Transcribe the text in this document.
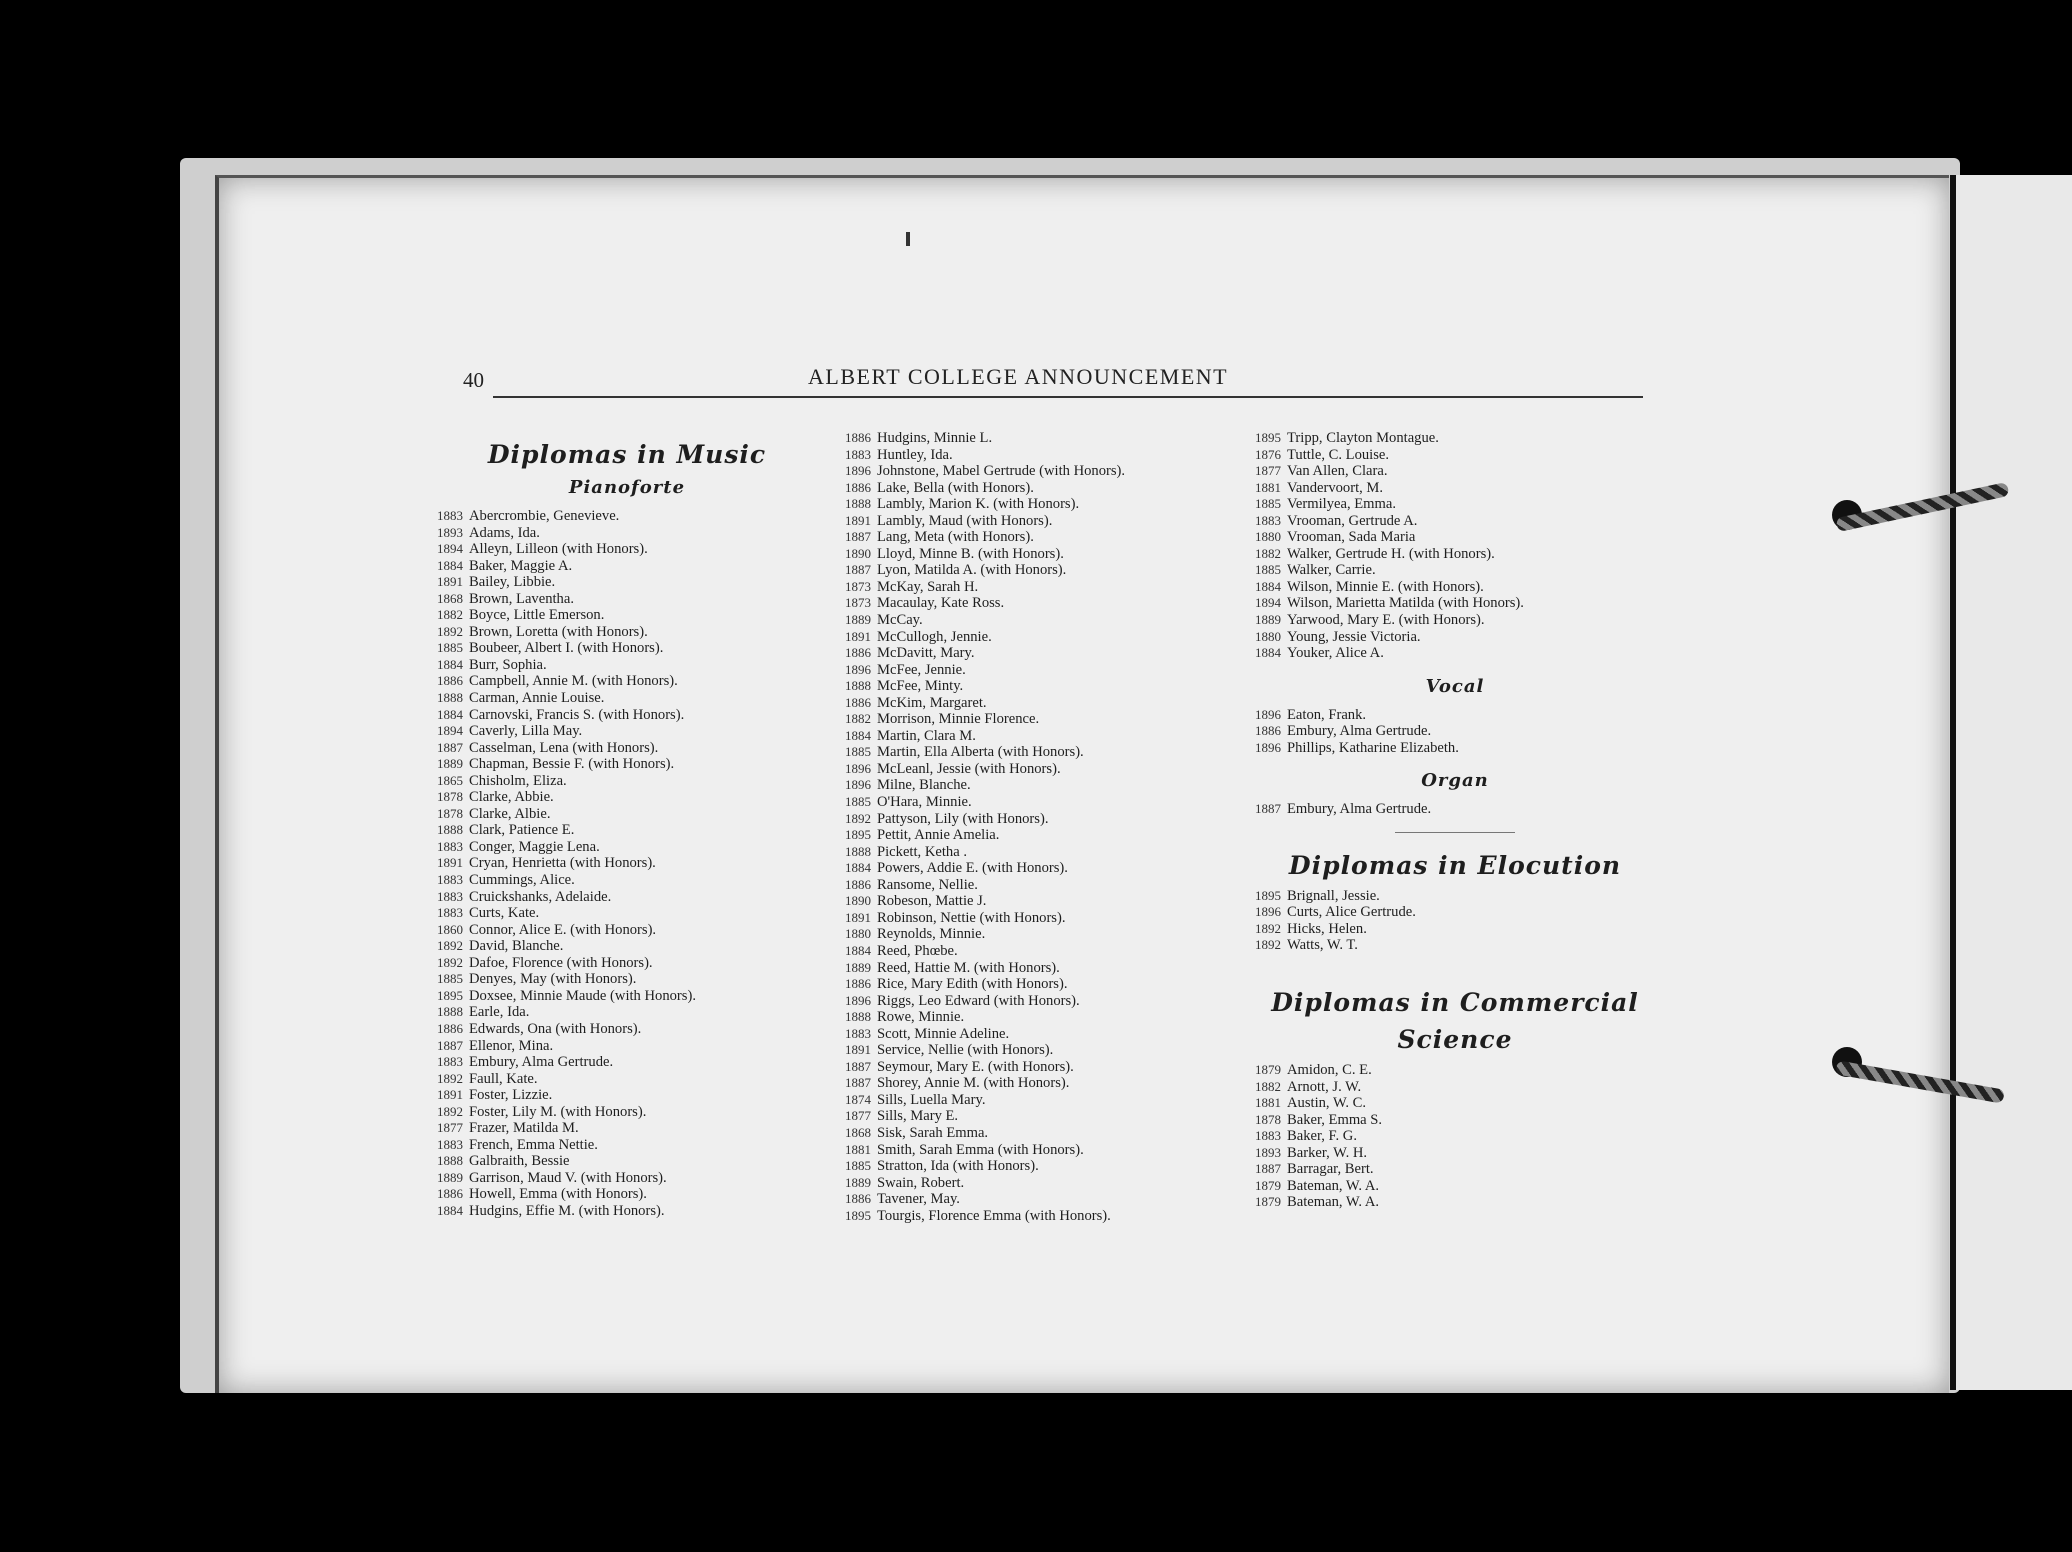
40	ALBERT COLLEGE ANNOUNCEMENT
Diplomas in Music
Pianoforte
1883 Abercrombie, Genevieve.
1893 Adams, Ida.
1894 Alleyn, Lilleon (with Honors).
1884 Baker, Maggie A.
1891 Bailey, Libbie.
1868 Brown, Laventha.
1882 Boyce, Little Emerson.
1892 Brown, Loretta (with Honors).
1885 Boubeer, Albert I. (with Honors).
1884 Burr, Sophia.
1886 Campbell, Annie M. (with Honors).
1888 Carman, Annie Louise.
1884 Carnovski, Francis S. (with Honors).
1894 Caverly, Lilla May.
1887 Casselman, Lena (with Honors).
1889 Chapman, Bessie F. (with Honors).
1865 Chisholm, Eliza.
1878 Clarke, Abbie.
1878 Clarke, Albie.
1888 Clark, Patience E.
1883 Conger, Maggie Lena.
1891 Cryan, Henrietta (with Honors).
1883 Cummings, Alice.
1883 Cruickshanks, Adelaide.
1883 Curts, Kate.
1860 Connor, Alice E. (with Honors).
1892 David, Blanche.
1892 Dafoe, Florence (with Honors).
1885 Denyes, May (with Honors).
1895 Doxsee, Minnie Maude (with Honors).
1888 Earle, Ida.
1886 Edwards, Ona (with Honors).
1887 Ellenor, Mina.
1883 Embury, Alma Gertrude.
1892 Faull, Kate.
1891 Foster, Lizzie.
1892 Foster, Lily M. (with Honors).
1877 Frazer, Matilda M.
1883 French, Emma Nettie.
1888 Galbraith, Bessie
1889 Garrison, Maud V. (with Honors).
1886 Howell, Emma (with Honors).
1884 Hudgins, Effie M. (with Honors).
1886 Hudgins, Minnie L.
1883 Huntley, Ida.
1896 Johnstone, Mabel Gertrude (with Honors).
1886 Lake, Bella (with Honors).
1888 Lambly, Marion K. (with Honors).
1891 Lambly, Maud (with Honors).
1887 Lang, Meta (with Honors).
1890 Lloyd, Minne B. (with Honors).
1887 Lyon, Matilda A. (with Honors).
1873 McKay, Sarah H.
1873 Macaulay, Kate Ross.
1889 McCay.
1891 McCullogh, Jennie.
1886 McDavitt, Mary.
1896 McFee, Jennie.
1888 McFee, Minty.
1886 McKim, Margaret.
1882 Morrison, Minnie Florence.
1884 Martin, Clara M.
1885 Martin, Ella Alberta (with Honors).
1896 McLeanl, Jessie (with Honors).
1896 Milne, Blanche.
1885 O'Hara, Minnie.
1892 Pattyson, Lily (with Honors).
1895 Pettit, Annie Amelia.
1888 Pickett, Ketha .
1884 Powers, Addie E. (with Honors).
1886 Ransome, Nellie.
1890 Robeson, Mattie J.
1891 Robinson, Nettie (with Honors).
1880 Reynolds, Minnie.
1884 Reed, Phœbe.
1889 Reed, Hattie M. (with Honors).
1886 Rice, Mary Edith (with Honors).
1896 Riggs, Leo Edward (with Honors).
1888 Rowe, Minnie.
1883 Scott, Minnie Adeline.
1891 Service, Nellie (with Honors).
1887 Seymour, Mary E. (with Honors).
1887 Shorey, Annie M. (with Honors).
1874 Sills, Luella Mary.
1877 Sills, Mary E.
1868 Sisk, Sarah Emma.
1881 Smith, Sarah Emma (with Honors).
1885 Stratton, Ida (with Honors).
1889 Swain, Robert.
1886 Tavener, May.
1895 Tourgis, Florence Emma (with Honors).
1895 Tripp, Clayton Montague.
1876 Tuttle, C. Louise.
1877 Van Allen, Clara.
1881 Vandervoort, M.
1885 Vermilyea, Emma.
1883 Vrooman, Gertrude A.
1880 Vrooman, Sada Maria
1882 Walker, Gertrude H. (with Honors).
1885 Walker, Carrie.
1884 Wilson, Minnie E. (with Honors).
1894 Wilson, Marietta Matilda (with Honors).
1889 Yarwood, Mary E. (with Honors).
1880 Young, Jessie Victoria.
1884 Youker, Alice A.
Vocal
1896 Eaton, Frank.
1886 Embury, Alma Gertrude.
1896 Phillips, Katharine Elizabeth.
Organ
1887 Embury, Alma Gertrude.
Diplomas in Elocution
1895 Brignall, Jessie.
1896 Curts, Alice Gertrude.
1892 Hicks, Helen.
1892 Watts, W. T.
Diplomas in Commercial
Science
1879 Amidon, C. E.
1882 Arnott, J. W.
1881 Austin, W. C.
1878 Baker, Emma S.
1883 Baker, F. G.
1893 Barker, W. H.
1887 Barragar, Bert.
1879 Bateman, W. A.
1879 Bateman, W. A.
